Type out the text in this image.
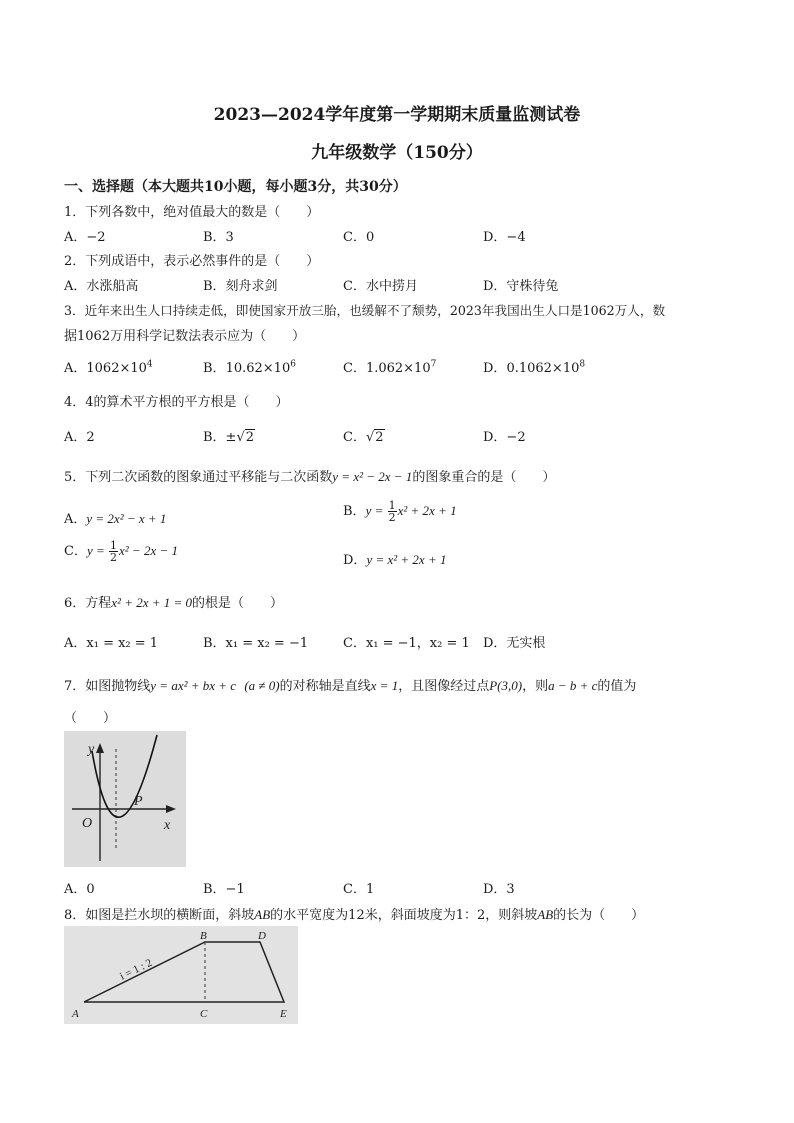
2023—2024学年度第一学期期末质量监测试卷
九年级数学（150分）
一、选择题（本大题共10小题，每小题3分，共30分）
1．下列各数中，绝对值最大的数是（　　）
A．−2	B．3	C．0	D．−4
2．下列成语中，表示必然事件的是（　　）
A．水涨船高	B．刻舟求剑	C．水中捞月	D．守株待兔
3．近年来出生人口持续走低，即使国家开放三胎，也缓解不了颓势，2023年我国出生人口是1062万人，数
据1062万用科学记数法表示应为（　　）
A．$1062\times 10^4$	B．$10.62\times 10^6$	C．$1.062\times 10^7$	D．$0.1062\times 10^8$
4．4的算术平方根的平方根是（　　）
A．2	B．±√2	C．√2	D．−2
5．下列二次函数的图象通过平移能与二次函数y = x² − 2x − 1的图象重合的是（　　）
A．y = 2x² − x + 1	B．$y = \frac{1}{2} x^2 + 2x + 1$
C．$y = \frac{1}{2} x^2 - 2x - 1$
D．y = x² + 2x + 1
6．方程x² + 2x + 1 = 0的根是（　　）
A．x₁ = x₂ = 1	B．x₁ = x₂ = −1	C．x₁ = −1，x₂ = 1 D．无实根
7．如图抛物线y = ax² + bx + c (a ≠ 0)的对称轴是直线x = 1，且图像经过点P(3,0)，则a − b + c的值为
（　　）
y
x
O
P
A．0	B．−1	C．1	D．3
8．如图是拦水坝的横断面，斜坡AB的水平宽度为12米，斜面坡度为1：2，则斜坡AB的长为（　　）
A
B
C
D
E
i = 1 : 2
